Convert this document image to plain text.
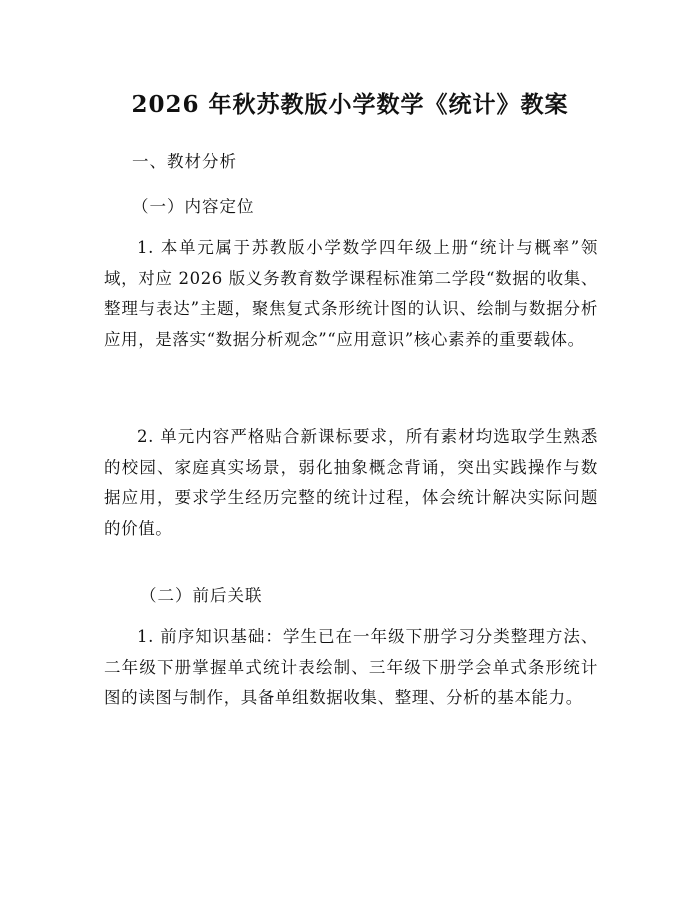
2026 年秋苏教版小学数学《统计》教案

一、教材分析

（一）内容定位

1. 本单元属于苏教版小学数学四年级上册“统计与概率”领域，对应 2026 版义务教育数学课程标准第二学段“数据的收集、整理与表达”主题，聚焦复式条形统计图的认识、绘制与数据分析应用，是落实“数据分析观念”“应用意识”核心素养的重要载体。

2. 单元内容严格贴合新课标要求，所有素材均选取学生熟悉的校园、家庭真实场景，弱化抽象概念背诵，突出实践操作与数据应用，要求学生经历完整的统计过程，体会统计解决实际问题的价值。

（二）前后关联

1. 前序知识基础：学生已在一年级下册学习分类整理方法、二年级下册掌握单式统计表绘制、三年级下册学会单式条形统计图的读图与制作，具备单组数据收集、整理、分析的基本能力。
